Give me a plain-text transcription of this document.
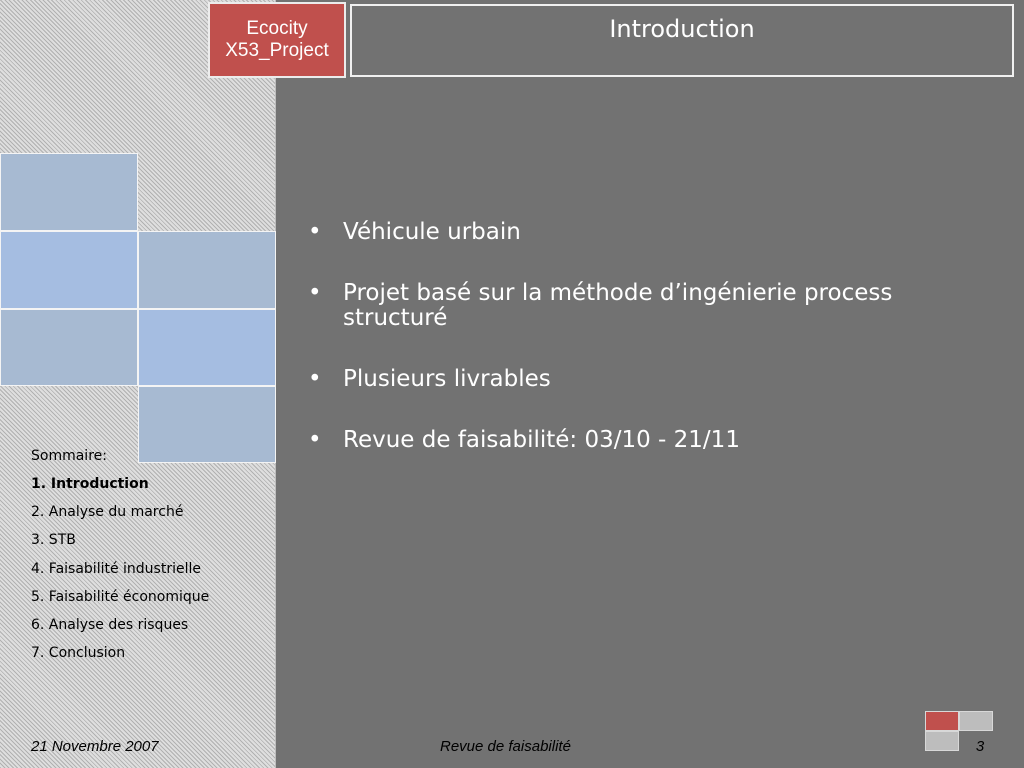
Ecocity
X53_Project
Introduction
Sommaire:
1. Introduction
2. Analyse du marché
3. STB
4. Faisabilité industrielle
5. Faisabilité économique
6. Analyse des risques
7. Conclusion
• Véhicule urbain
• Projet basé sur la méthode d’ingénierie process structuré
• Plusieurs livrables
• Revue de faisabilité: 03/10 - 21/11
21 Novembre 2007	Revue de faisabilité	3
